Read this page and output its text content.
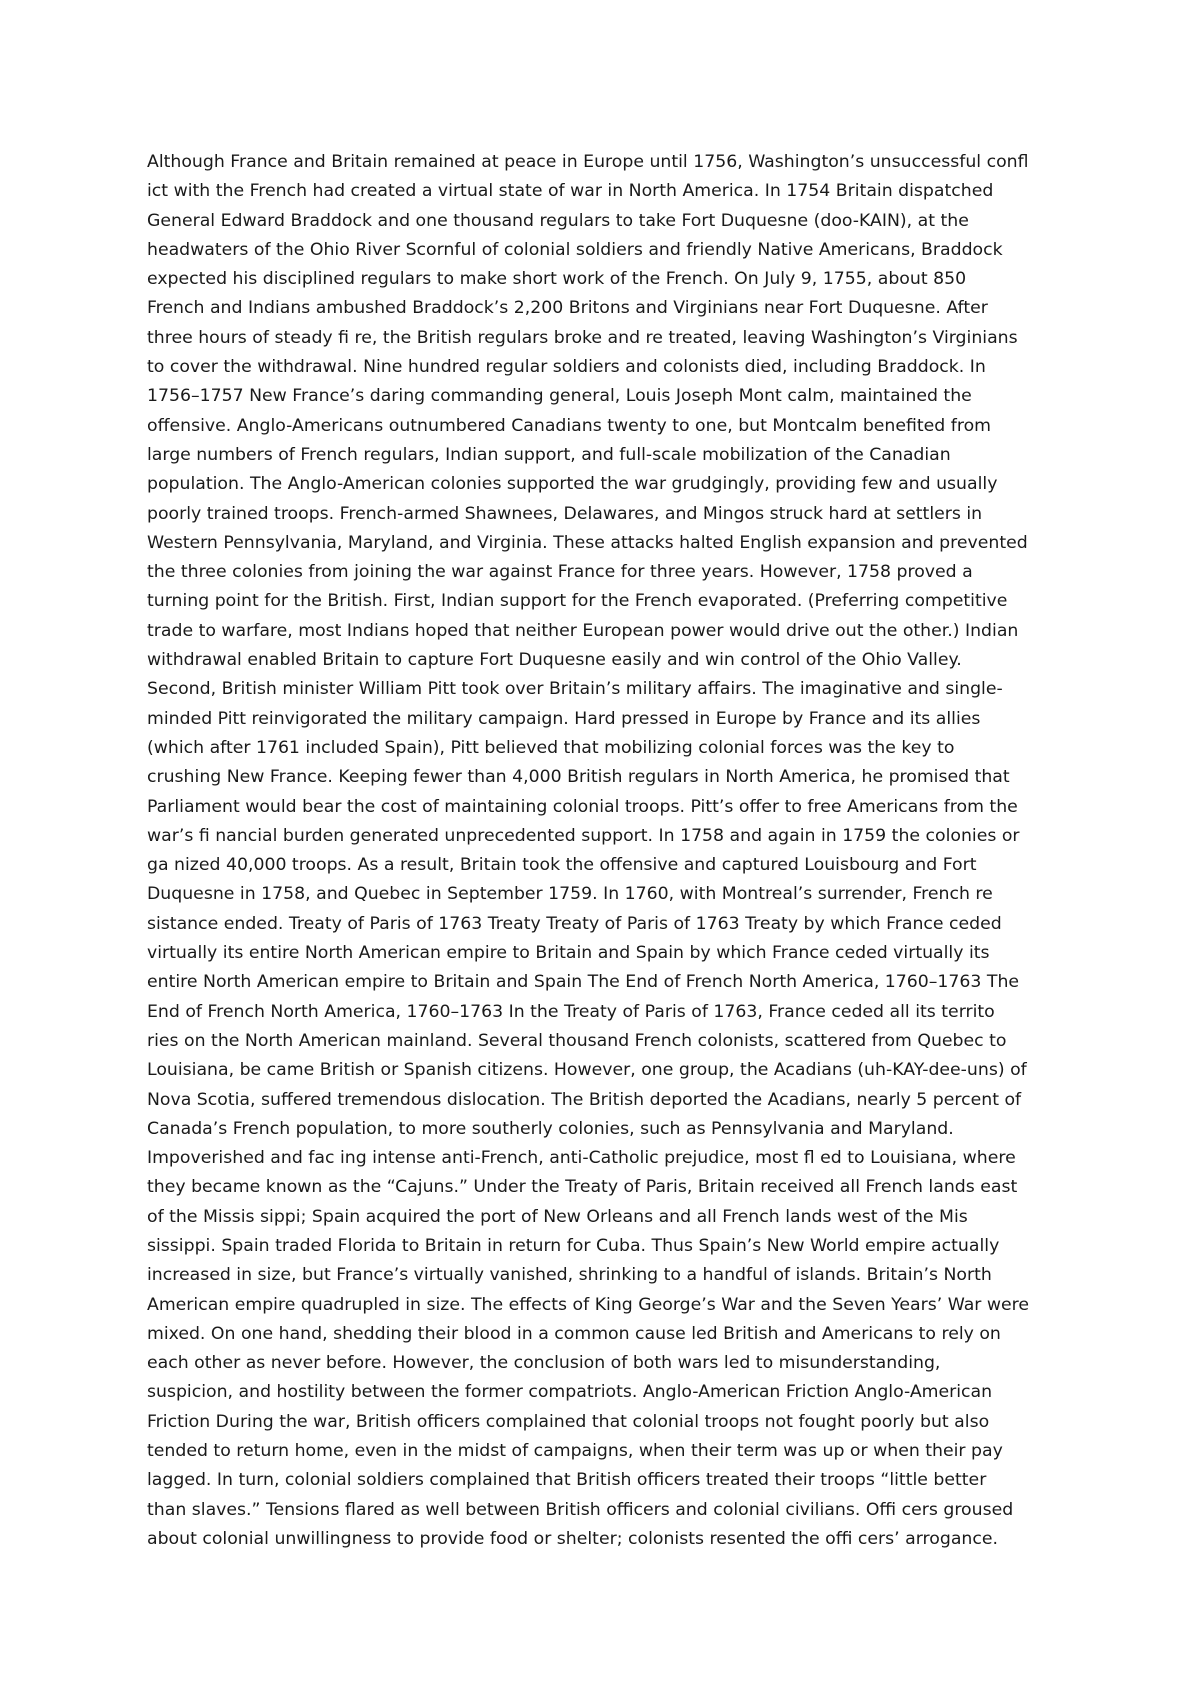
Although France and Britain remained at peace in Europe until 1756, Washington’s unsuccessful confl
ict with the French had created a virtual state of war in North America. In 1754 Britain dispatched
General Edward Braddock and one thousand regulars to take Fort Duquesne (doo-KAIN), at the
headwaters of the Ohio River Scornful of colonial soldiers and friendly Native Americans, Braddock
expected his disciplined regulars to make short work of the French. On July 9, 1755, about 850
French and Indians ambushed Braddock’s 2,200 Britons and Virginians near Fort Duquesne. After
three hours of steady fi re, the British regulars broke and re treated, leaving Washington’s Virginians
to cover the withdrawal. Nine hundred regular soldiers and colonists died, including Braddock. In
1756–1757 New France’s daring commanding general, Louis Joseph Mont calm, maintained the
offensive. Anglo-Americans outnumbered Canadians twenty to one, but Montcalm benefited from
large numbers of French regulars, Indian support, and full-scale mobilization of the Canadian
population. The Anglo-American colonies supported the war grudgingly, providing few and usually
poorly trained troops. French-armed Shawnees, Delawares, and Mingos struck hard at settlers in
Western Pennsylvania, Maryland, and Virginia. These attacks halted English expansion and prevented
the three colonies from joining the war against France for three years. However, 1758 proved a
turning point for the British. First, Indian support for the French evaporated. (Preferring competitive
trade to warfare, most Indians hoped that neither European power would drive out the other.) Indian
withdrawal enabled Britain to capture Fort Duquesne easily and win control of the Ohio Valley.
Second, British minister William Pitt took over Britain’s military affairs. The imaginative and single-
minded Pitt reinvigorated the military campaign. Hard pressed in Europe by France and its allies
(which after 1761 included Spain), Pitt believed that mobilizing colonial forces was the key to
crushing New France. Keeping fewer than 4,000 British regulars in North America, he promised that
Parliament would bear the cost of maintaining colonial troops. Pitt’s offer to free Americans from the
war’s fi nancial burden generated unprecedented support. In 1758 and again in 1759 the colonies or
ga nized 40,000 troops. As a result, Britain took the offensive and captured Louisbourg and Fort
Duquesne in 1758, and Quebec in September 1759. In 1760, with Montreal’s surrender, French re
sistance ended. Treaty of Paris of 1763 Treaty Treaty of Paris of 1763 Treaty by which France ceded
virtually its entire North American empire to Britain and Spain by which France ceded virtually its
entire North American empire to Britain and Spain The End of French North America, 1760–1763 The
End of French North America, 1760–1763 In the Treaty of Paris of 1763, France ceded all its territo
ries on the North American mainland. Several thousand French colonists, scattered from Quebec to
Louisiana, be came British or Spanish citizens. However, one group, the Acadians (uh-KAY-dee-uns) of
Nova Scotia, suffered tremendous dislocation. The British deported the Acadians, nearly 5 percent of
Canada’s French population, to more southerly colonies, such as Pennsylvania and Maryland.
Impoverished and fac ing intense anti-French, anti-Catholic prejudice, most fl ed to Louisiana, where
they became known as the “Cajuns.” Under the Treaty of Paris, Britain received all French lands east
of the Missis sippi; Spain acquired the port of New Orleans and all French lands west of the Mis
sissippi. Spain traded Florida to Britain in return for Cuba. Thus Spain’s New World empire actually
increased in size, but France’s virtually vanished, shrinking to a handful of islands. Britain’s North
American empire quadrupled in size. The effects of King George’s War and the Seven Years’ War were
mixed. On one hand, shedding their blood in a common cause led British and Americans to rely on
each other as never before. However, the conclusion of both wars led to misunderstanding,
suspicion, and hostility between the former compatriots. Anglo-American Friction Anglo-American
Friction During the war, British officers complained that colonial troops not fought poorly but also
tended to return home, even in the midst of campaigns, when their term was up or when their pay
lagged. In turn, colonial soldiers complained that British officers treated their troops “little better
than slaves.” Tensions flared as well between British officers and colonial civilians. Offi cers groused
about colonial unwillingness to provide food or shelter; colonists resented the offi cers’ arrogance.
